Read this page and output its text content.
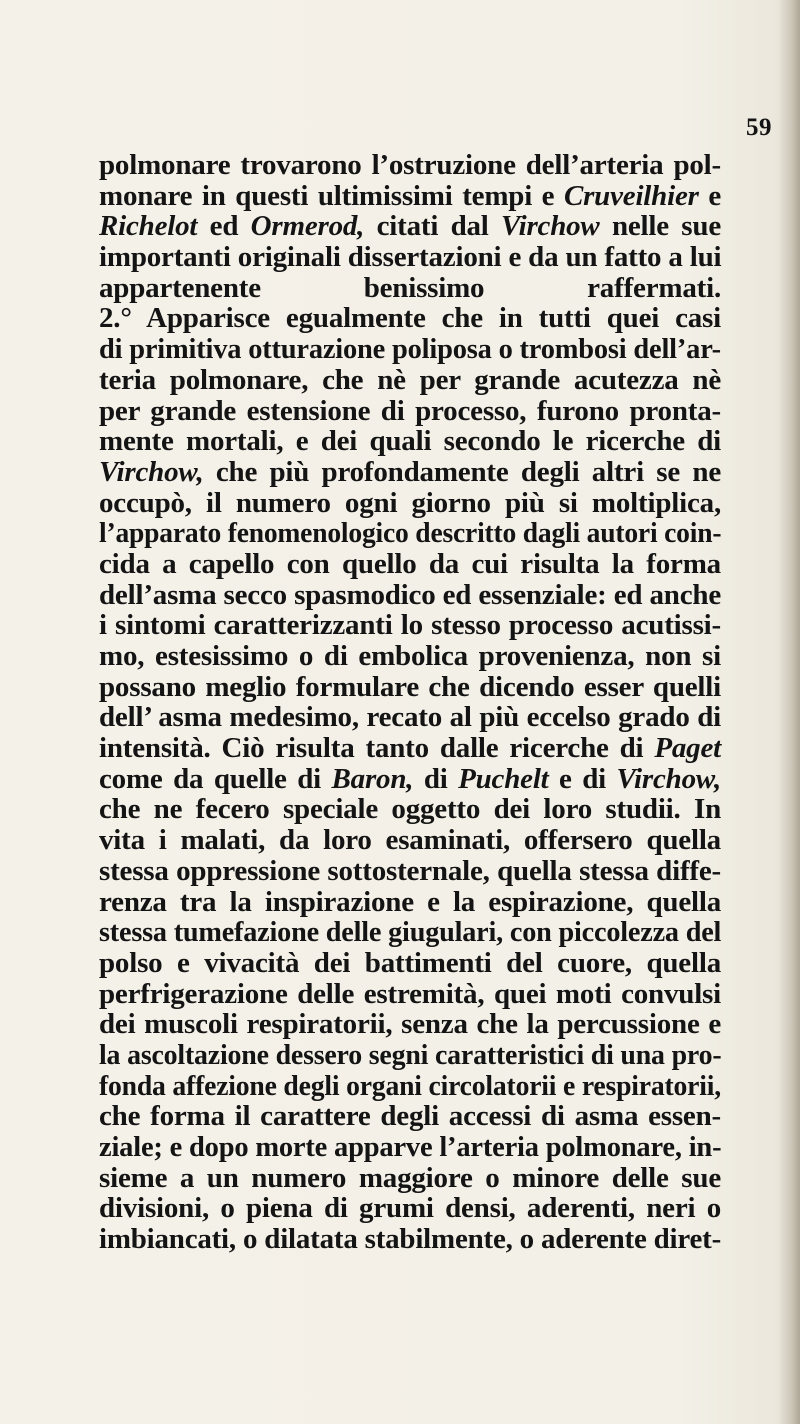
59
polmonare trovarono l’ostruzione dell’arteria pol-
monare in questi ultimissimi tempi e Cruveilhier e
Richelot ed Ormerod, citati dal Virchow nelle sue
importanti originali dissertazioni e da un fatto a lui
appartenente benissimo raffermati.
2.° Apparisce egualmente che in tutti quei casi
di primitiva otturazione poliposa o trombosi dell’ar-
teria polmonare, che nè per grande acutezza nè
per grande estensione di processo, furono pronta-
mente mortali, e dei quali secondo le ricerche di
Virchow, che più profondamente degli altri se ne
occupò, il numero ogni giorno più si moltiplica,
l’apparato fenomenologico descritto dagli autori coin-
cida a capello con quello da cui risulta la forma
dell’asma secco spasmodico ed essenziale: ed anche
i sintomi caratterizzanti lo stesso processo acutissi-
mo, estesissimo o di embolica provenienza, non si
possano meglio formulare che dicendo esser quelli
dell’ asma medesimo, recato al più eccelso grado di
intensità. Ciò risulta tanto dalle ricerche di Paget
come da quelle di Baron, di Puchelt e di Virchow,
che ne fecero speciale oggetto dei loro studii. In
vita i malati, da loro esaminati, offersero quella
stessa oppressione sottosternale, quella stessa diffe-
renza tra la inspirazione e la espirazione, quella
stessa tumefazione delle giugulari, con piccolezza del
polso e vivacità dei battimenti del cuore, quella
perfrigerazione delle estremità, quei moti convulsi
dei muscoli respiratorii, senza che la percussione e
la ascoltazione dessero segni caratteristici di una pro-
fonda affezione degli organi circolatorii e respiratorii,
che forma il carattere degli accessi di asma essen-
ziale; e dopo morte apparve l’arteria polmonare, in-
sieme a un numero maggiore o minore delle sue
divisioni, o piena di grumi densi, aderenti, neri o
imbiancati, o dilatata stabilmente, o aderente diret-
